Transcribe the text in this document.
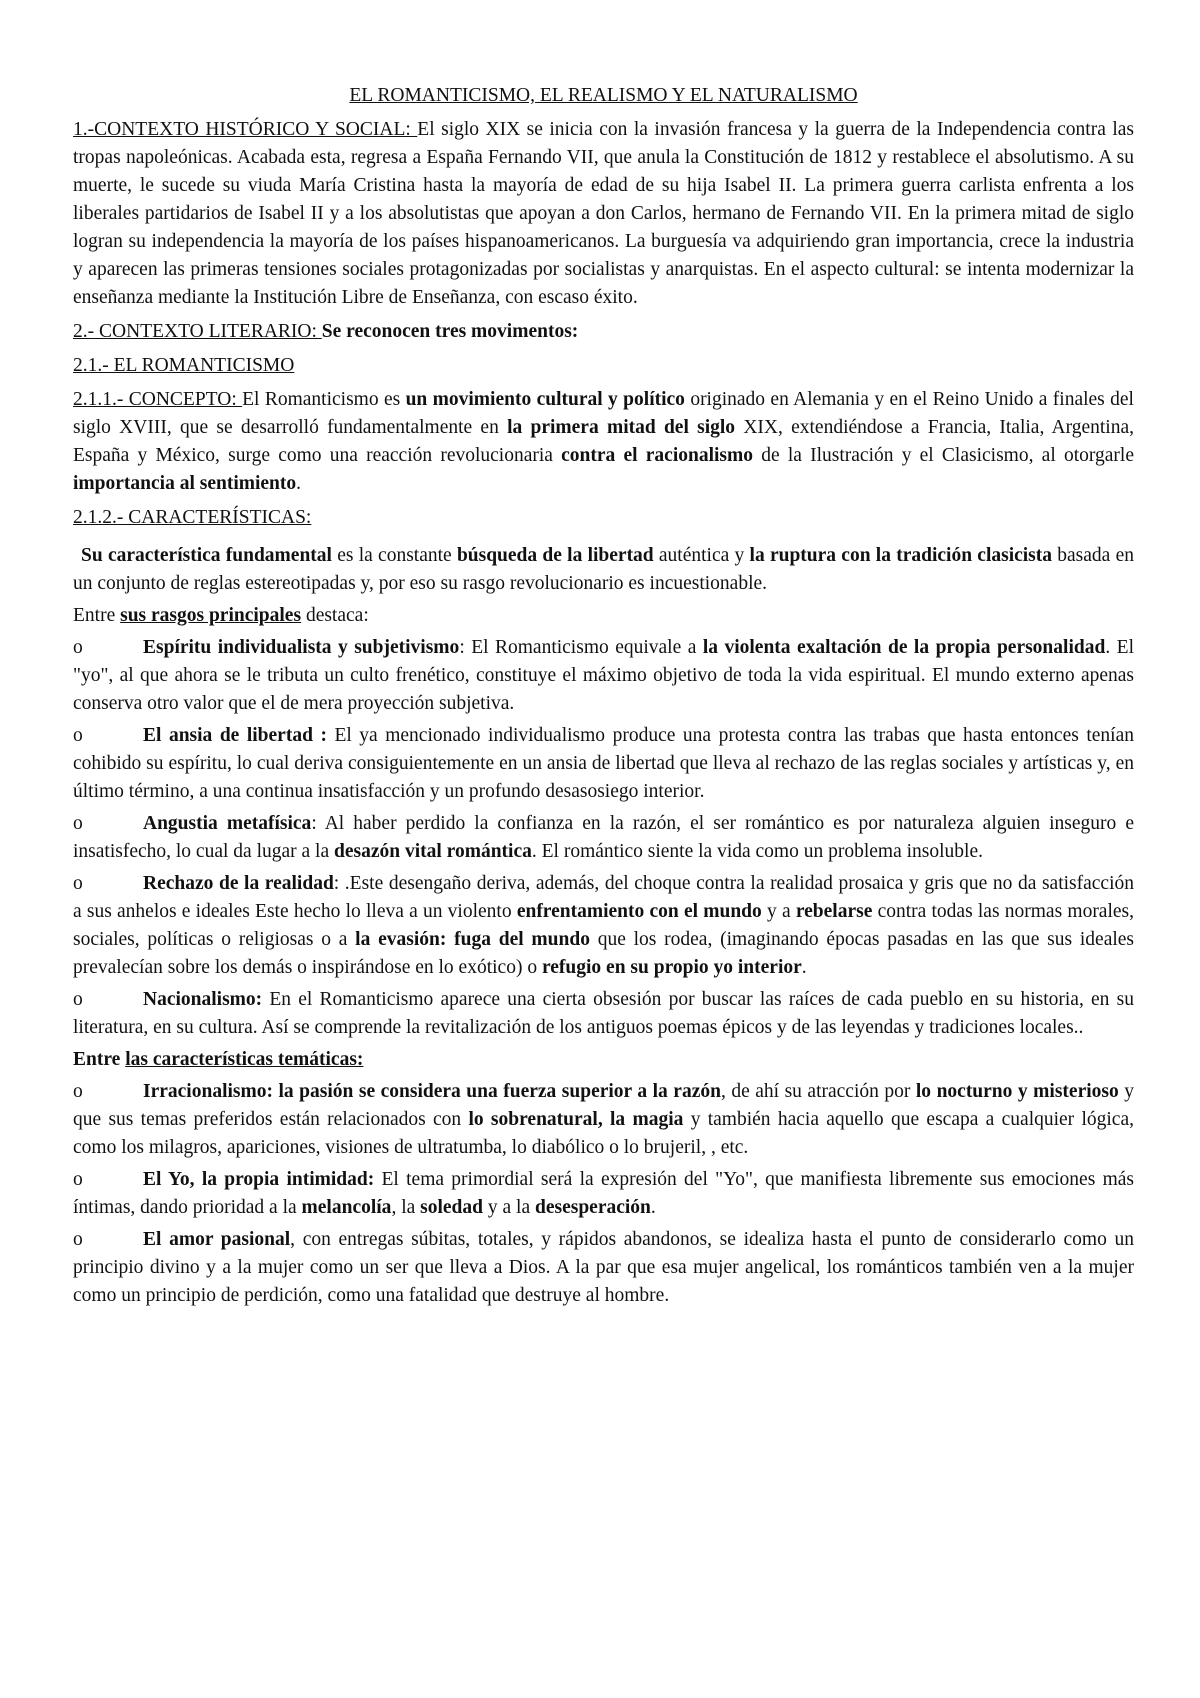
EL ROMANTICISMO, EL REALISMO Y EL NATURALISMO

1.-CONTEXTO HISTÓRICO Y SOCIAL: El siglo XIX se inicia con la invasión francesa y la guerra de la Independencia contra las tropas napoleónicas. Acabada esta, regresa a España Fernando VII, que anula la Constitución de 1812 y restablece el absolutismo. A su muerte, le sucede su viuda María Cristina hasta la mayoría de edad de su hija Isabel II. La primera guerra carlista enfrenta a los liberales partidarios de Isabel II y a los absolutistas que apoyan a don Carlos, hermano de Fernando VII. En la primera mitad de siglo logran su independencia la mayoría de los países hispanoamericanos. La burguesía va adquiriendo gran importancia, crece la industria y aparecen las primeras tensiones sociales protagonizadas por socialistas y anarquistas. En el aspecto cultural: se intenta modernizar la enseñanza mediante la Institución Libre de Enseñanza, con escaso éxito.

2.- CONTEXTO LITERARIO: Se reconocen tres movimentos:

2.1.- EL ROMANTICISMO

2.1.1.- CONCEPTO: El Romanticismo es un movimiento cultural y político originado en Alemania y en el Reino Unido a finales del siglo XVIII, que se desarrolló fundamentalmente en la primera mitad del siglo XIX, extendiéndose a Francia, Italia, Argentina, España y México, surge como una reacción revolucionaria contra el racionalismo de la Ilustración y el Clasicismo, al otorgarle importancia al sentimiento.

2.1.2.- CARACTERÍSTICAS:

Su característica fundamental es la constante búsqueda de la libertad auténtica y la ruptura con la tradición clasicista basada en un conjunto de reglas estereotipadas y, por eso su rasgo revolucionario es incuestionable.

Entre sus rasgos principales destaca:

o	Espíritu individualista y subjetivismo: El Romanticismo equivale a la violenta exaltación de la propia personalidad. El "yo", al que ahora se le tributa un culto frenético, constituye el máximo objetivo de toda la vida espiritual. El mundo externo apenas conserva otro valor que el de mera proyección subjetiva.

o	El ansia de libertad : El ya mencionado individualismo produce una protesta contra las trabas que hasta entonces tenían cohibido su espíritu, lo cual deriva consiguientemente en un ansia de libertad que lleva al rechazo de las reglas sociales y artísticas y, en último término, a una continua insatisfacción y un profundo desasosiego interior.

o	Angustia metafísica: Al haber perdido la confianza en la razón, el ser romántico es por naturaleza alguien inseguro e insatisfecho, lo cual da lugar a la desazón vital romántica. El romántico siente la vida como un problema insoluble.

o	Rechazo de la realidad: .Este desengaño deriva, además, del choque contra la realidad prosaica y gris que no da satisfacción a sus anhelos e ideales Este hecho lo lleva a un violento enfrentamiento con el mundo y a rebelarse contra todas las normas morales, sociales, políticas o religiosas o a la evasión: fuga del mundo que los rodea, (imaginando épocas pasadas en las que sus ideales prevalecían sobre los demás o inspirándose en lo exótico) o refugio en su propio yo interior.

o	Nacionalismo: En el Romanticismo aparece una cierta obsesión por buscar las raíces de cada pueblo en su historia, en su literatura, en su cultura. Así se comprende la revitalización de los antiguos poemas épicos y de las leyendas y tradiciones locales..

Entre las características temáticas:

o	Irracionalismo: la pasión se considera una fuerza superior a la razón, de ahí su atracción por lo nocturno y misterioso y que sus temas preferidos están relacionados con lo sobrenatural, la magia y también hacia aquello que escapa a cualquier lógica, como los milagros, apariciones, visiones de ultratumba, lo diabólico o lo brujeril, , etc.

o	El Yo, la propia intimidad: El tema primordial será la expresión del "Yo", que manifiesta libremente sus emociones más íntimas, dando prioridad a la melancolía, la soledad y a la desesperación.

o	El amor pasional, con entregas súbitas, totales, y rápidos abandonos, se idealiza hasta el punto de considerarlo como un principio divino y a la mujer como un ser que lleva a Dios. A la par que esa mujer angelical, los románticos también ven a la mujer como un principio de perdición, como una fatalidad que destruye al hombre.
